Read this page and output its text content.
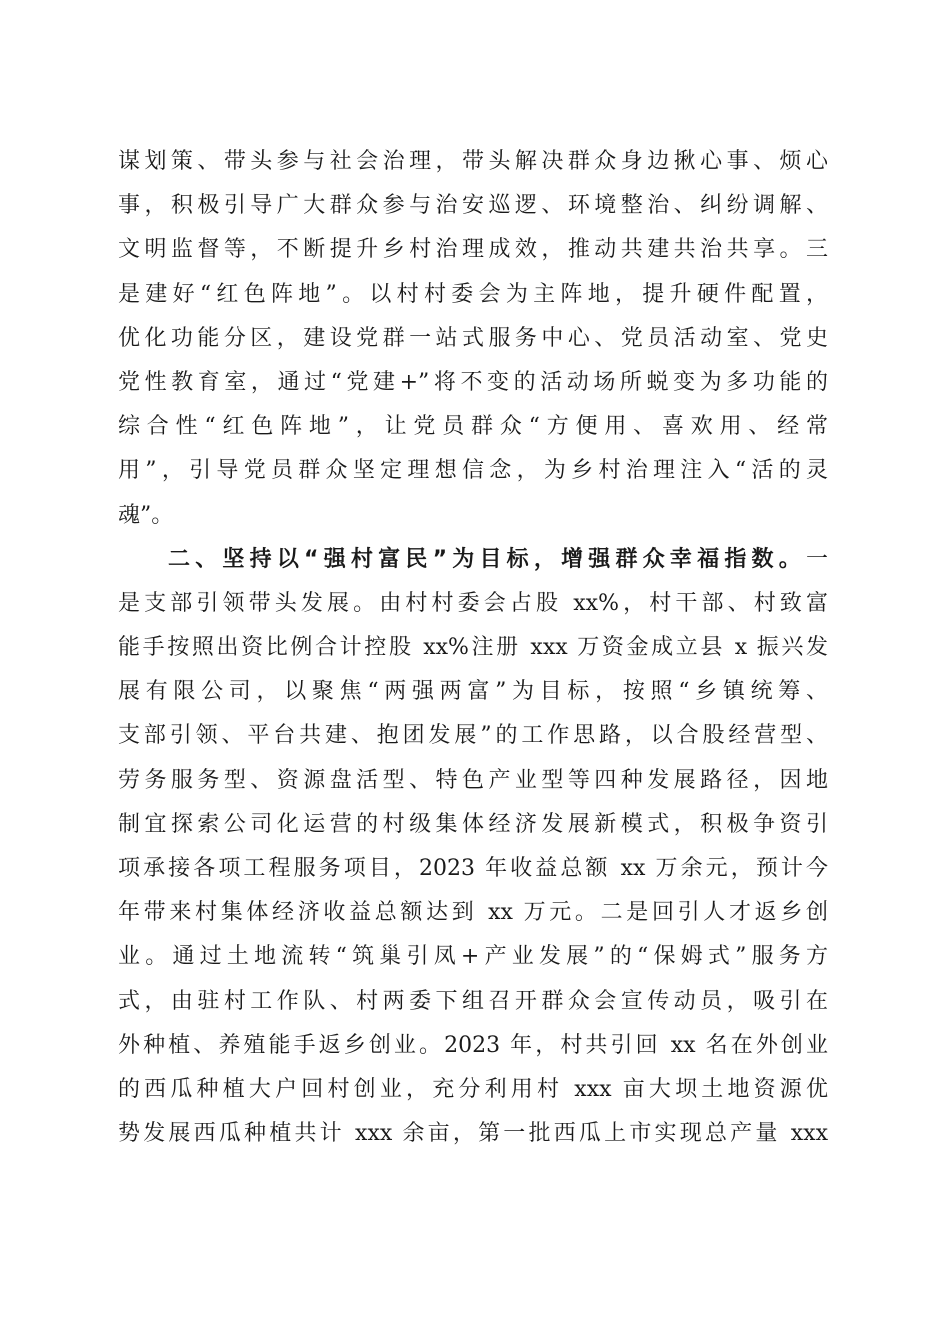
谋划策、带头参与社会治理，带头解决群众身边揪心事、烦心
事，积极引导广大群众参与治安巡逻、环境整治、纠纷调解、
文明监督等，不断提升乡村治理成效，推动共建共治共享。三
是建好“红色阵地”。以村村委会为主阵地，提升硬件配置，
优化功能分区，建设党群一站式服务中心、党员活动室、党史
党性教育室，通过“党建+”将不变的活动场所蜕变为多功能的
综合性“红色阵地”，让党员群众“方便用、喜欢用、经常
用”，引导党员群众坚定理想信念，为乡村治理注入“活的灵
魂”。
二、坚持以“强村富民”为目标，增强群众幸福指数。一
是支部引领带头发展。由村村委会占股 xx%，村干部、村致富
能手按照出资比例合计控股 xx%注册 xxx 万资金成立县 x 振兴发
展有限公司，以聚焦“两强两富”为目标，按照“乡镇统筹、
支部引领、平台共建、抱团发展”的工作思路，以合股经营型、
劳务服务型、资源盘活型、特色产业型等四种发展路径，因地
制宜探索公司化运营的村级集体经济发展新模式，积极争资引
项承接各项工程服务项目，2023 年收益总额 xx 万余元，预计今
年带来村集体经济收益总额达到 xx 万元。二是回引人才返乡创
业。通过土地流转“筑巢引凤+产业发展”的“保姆式”服务方
式，由驻村工作队、村两委下组召开群众会宣传动员，吸引在
外种植、养殖能手返乡创业。2023 年，村共引回 xx 名在外创业
的西瓜种植大户回村创业，充分利用村 xxx 亩大坝土地资源优
势发展西瓜种植共计 xxx 余亩，第一批西瓜上市实现总产量 xxx
